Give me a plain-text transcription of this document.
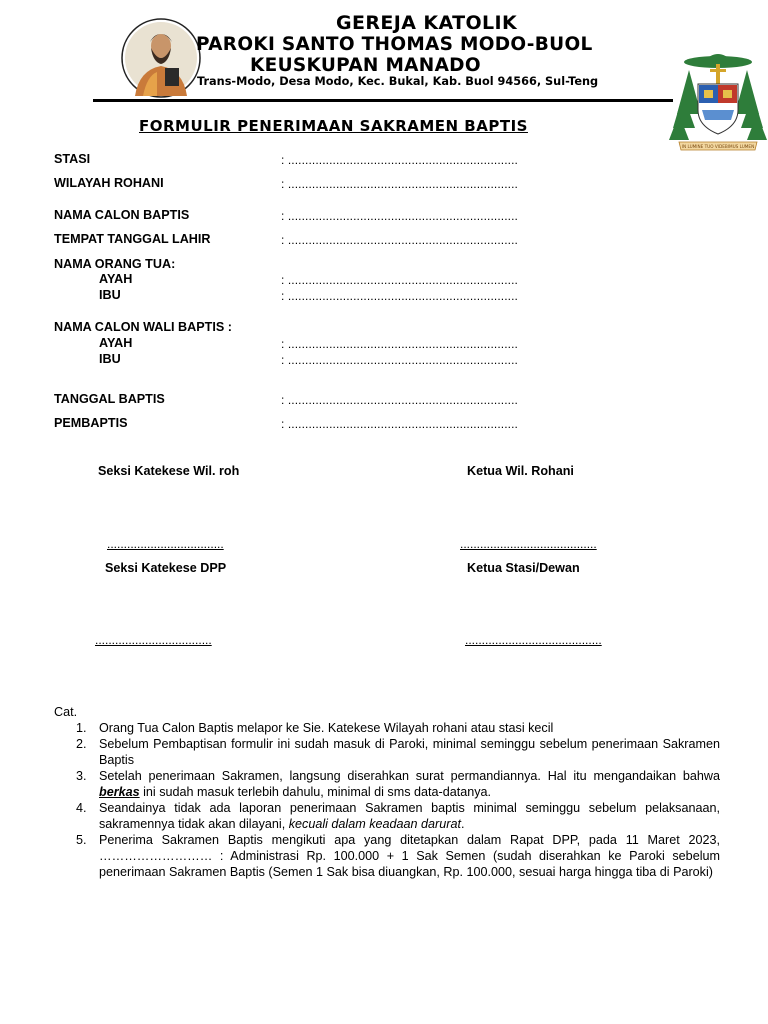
GEREJA KATOLIK
PAROKI SANTO THOMAS MODO-BUOL
KEUSKUPAN MANADO
Trans-Modo, Desa Modo, Kec. Bukal, Kab. Buol 94566, Sul-Teng
IN LUMINE TUO VIDEBIMUS LUMEN
FORMULIR PENERIMAAN SAKRAMEN BAPTIS
STASI	: ...................................................................
WILAYAH ROHANI	: ...................................................................
NAMA CALON BAPTIS	: ...................................................................
TEMPAT TANGGAL LAHIR	: ...................................................................
NAMA ORANG TUA:
AYAH	: ...................................................................
IBU	: ...................................................................
NAMA CALON WALI BAPTIS :
AYAH	: ...................................................................
IBU	: ...................................................................
TANGGAL BAPTIS	: ...................................................................
PEMBAPTIS	: ...................................................................
Seksi Katekese Wil. roh	Ketua Wil. Rohani
...................................	.........................................
Seksi Katekese DPP	Ketua Stasi/Dewan
...................................	.........................................
Cat.
1. Orang Tua Calon Baptis melapor ke Sie. Katekese Wilayah rohani atau stasi kecil
2. Sebelum Pembaptisan formulir ini sudah masuk di Paroki, minimal seminggu sebelum penerimaan Sakramen Baptis
3. Setelah penerimaan Sakramen, langsung diserahkan surat permandiannya. Hal itu mengandaikan bahwa berkas ini sudah masuk terlebih dahulu, minimal di sms data-datanya.
4. Seandainya tidak ada laporan penerimaan Sakramen baptis minimal seminggu sebelum pelaksanaan, sakramennya tidak akan dilayani, kecuali dalam keadaan darurat.
5. Penerima Sakramen Baptis mengikuti apa yang ditetapkan dalam Rapat DPP, pada 11 Maret 2023, ……………………… : Administrasi Rp. 100.000 + 1 Sak Semen (sudah diserahkan ke Paroki sebelum penerimaan Sakramen Baptis (Semen 1 Sak bisa diuangkan, Rp. 100.000, sesuai harga hingga tiba di Paroki)
